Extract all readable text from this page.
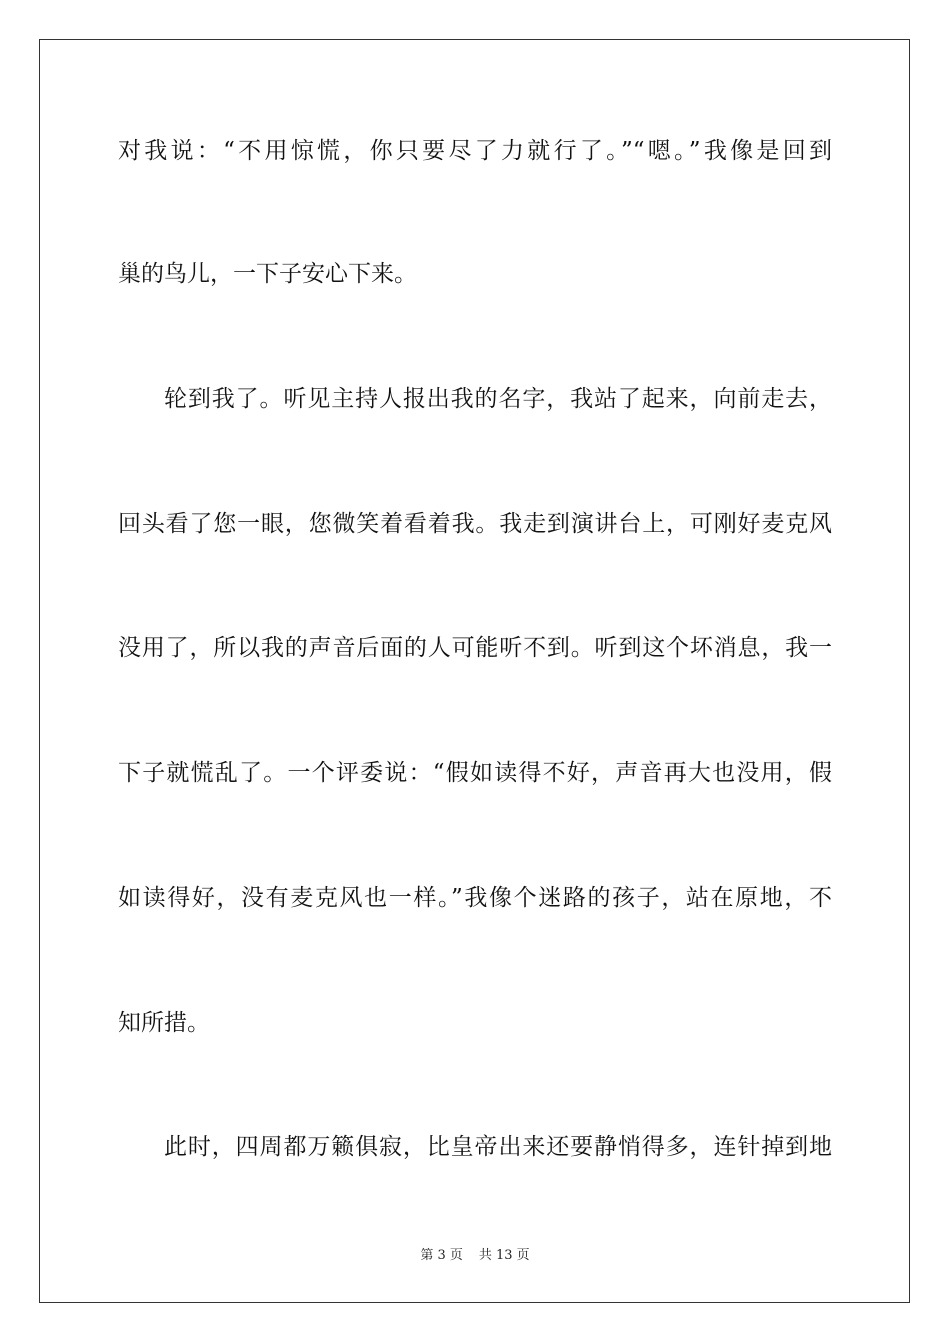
对我说：“不用惊慌，你只要尽了力就行了。”“嗯。”我像是回到
巢的鸟儿，一下子安心下来。
轮到我了。听见主持人报出我的名字，我站了起来，向前走去，
回头看了您一眼，您微笑着看着我。我走到演讲台上，可刚好麦克风
没用了，所以我的声音后面的人可能听不到。听到这个坏消息，我一
下子就慌乱了。一个评委说：“假如读得不好，声音再大也没用，假
如读得好，没有麦克风也一样。”我像个迷路的孩子，站在原地，不
知所措。
此时，四周都万籁俱寂，比皇帝出来还要静悄得多，连针掉到地
第 3 页 共 13 页
